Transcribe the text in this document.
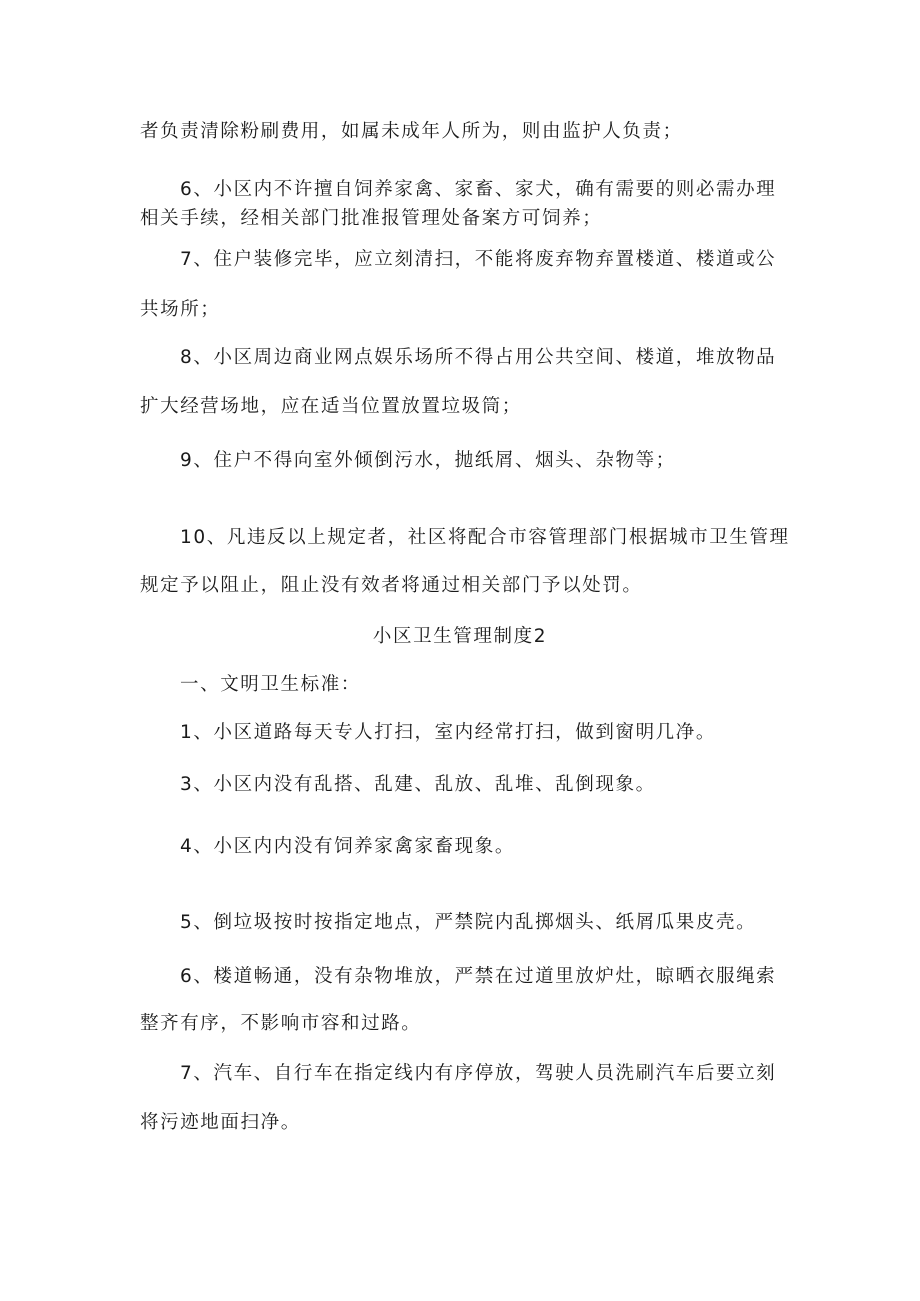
者负责清除粉刷费用，如属未成年人所为，则由监护人负责；
6、小区内不许擅自饲养家禽、家畜、家犬，确有需要的则必需办理
相关手续，经相关部门批准报管理处备案方可饲养；
7、住户装修完毕，应立刻清扫，不能将废弃物弃置楼道、楼道或公
共场所；
8、小区周边商业网点娱乐场所不得占用公共空间、楼道，堆放物品
扩大经营场地，应在适当位置放置垃圾筒；
9、住户不得向室外倾倒污水，抛纸屑、烟头、杂物等；
10、凡违反以上规定者，社区将配合市容管理部门根据城市卫生管理
规定予以阻止，阻止没有效者将通过相关部门予以处罚。
小区卫生管理制度2
一、文明卫生标准：
1、小区道路每天专人打扫，室内经常打扫，做到窗明几净。
3、小区内没有乱搭、乱建、乱放、乱堆、乱倒现象。
4、小区内内没有饲养家禽家畜现象。
5、倒垃圾按时按指定地点，严禁院内乱掷烟头、纸屑瓜果皮壳。
6、楼道畅通，没有杂物堆放，严禁在过道里放炉灶，晾晒衣服绳索
整齐有序，不影响市容和过路。
7、汽车、自行车在指定线内有序停放，驾驶人员洗刷汽车后要立刻
将污迹地面扫净。
